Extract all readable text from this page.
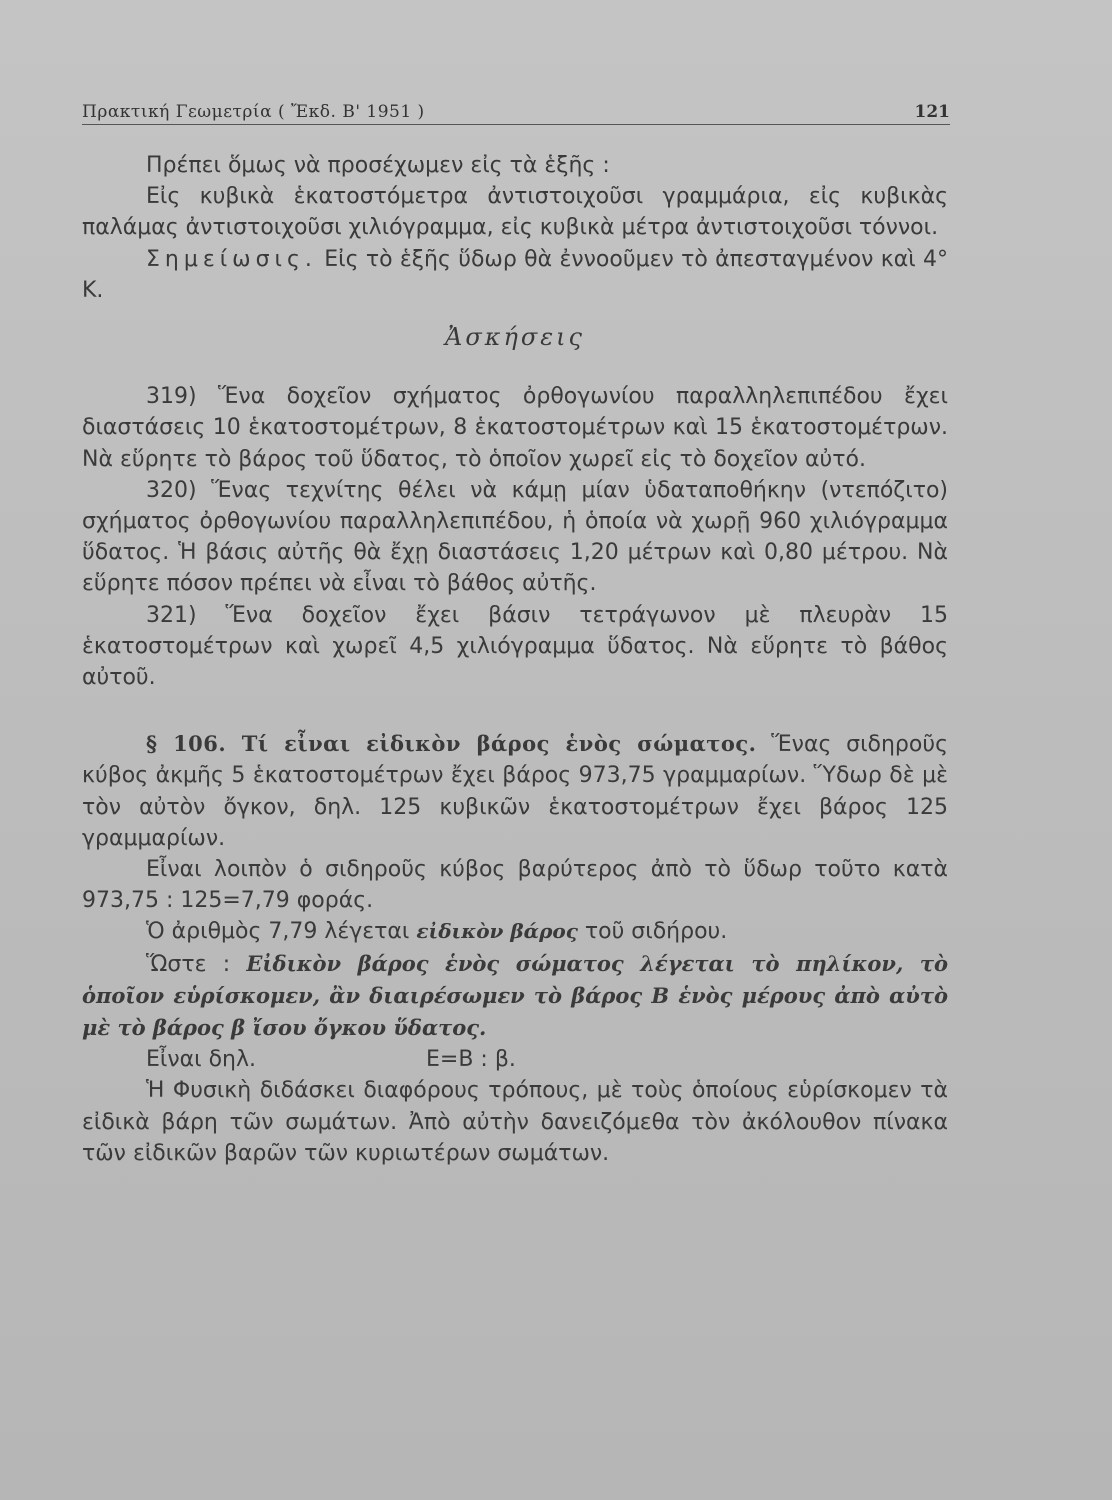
Πρακτική Γεωμετρία ( Ἔκδ. Β' 1951 )	121

Πρέπει ὅμως νὰ προσέχωμεν εἰς τὰ ἑξῆς :

Εἰς κυβικὰ ἑκατοστόμετρα ἀντιστοιχοῦσι γραμμάρια, εἰς κυβικὰς παλάμας ἀντιστοιχοῦσι χιλιόγραμμα, εἰς κυβικὰ μέτρα ἀντιστοιχοῦσι τόννοι.

Σημείωσις. Εἰς τὸ ἑξῆς ὕδωρ θὰ ἐννοοῦμεν τὸ ἀπεσταγμένον καὶ 4° Κ.

Ἀσκήσεις

319) Ἕνα δοχεῖον σχήματος ὀρθογωνίου παραλληλεπιπέδου ἔχει διαστάσεις 10 ἑκατοστομέτρων, 8 ἑκατοστομέτρων καὶ 15 ἑκατοστομέτρων. Νὰ εὕρητε τὸ βάρος τοῦ ὕδατος, τὸ ὁποῖον χωρεῖ εἰς τὸ δοχεῖον αὐτό.

320) Ἕνας τεχνίτης θέλει νὰ κάμῃ μίαν ὑδαταποθήκην (ντεπόζιτο) σχήματος ὀρθογωνίου παραλληλεπιπέδου, ἡ ὁποία νὰ χωρῇ 960 χιλιόγραμμα ὕδατος. Ἡ βάσις αὐτῆς θὰ ἔχῃ διαστάσεις 1,20 μέτρων καὶ 0,80 μέτρου. Νὰ εὕρητε πόσον πρέπει νὰ εἶναι τὸ βάθος αὐτῆς.

321) Ἕνα δοχεῖον ἔχει βάσιν τετράγωνον μὲ πλευρὰν 15 ἑκατοστομέτρων καὶ χωρεῖ 4,5 χιλιόγραμμα ὕδατος. Νὰ εὕρητε τὸ βάθος αὐτοῦ.

§ 106. Τί εἶναι εἰδικὸν βάρος ἑνὸς σώματος. Ἕνας σιδηροῦς κύβος ἀκμῆς 5 ἑκατοστομέτρων ἔχει βάρος 973,75 γραμμαρίων. Ὕδωρ δὲ μὲ τὸν αὐτὸν ὄγκον, δηλ. 125 κυβικῶν ἑκατοστομέτρων ἔχει βάρος 125 γραμμαρίων.

Εἶναι λοιπὸν ὁ σιδηροῦς κύβος βαρύτερος ἀπὸ τὸ ὕδωρ τοῦτο κατὰ 973,75 : 125=7,79 φοράς.

Ὁ ἀριθμὸς 7,79 λέγεται εἰδικὸν βάρος τοῦ σιδήρου.

Ὥστε : Εἰδικὸν βάρος ἑνὸς σώματος λέγεται τὸ πηλίκον, τὸ ὁποῖον εὑρίσκομεν, ἂν διαιρέσωμεν τὸ βάρος Β ἑνὸς μέρους ἀπὸ αὐτὸ μὲ τὸ βάρος β ἴσου ὄγκου ὕδατος.

Εἶναι δηλ.	Ε=Β : β.

Ἡ Φυσικὴ διδάσκει διαφόρους τρόπους, μὲ τοὺς ὁποίους εὑρίσκομεν τὰ εἰδικὰ βάρη τῶν σωμάτων. Ἀπὸ αὐτὴν δανειζόμεθα τὸν ἀκόλουθον πίνακα τῶν εἰδικῶν βαρῶν τῶν κυριωτέρων σωμάτων.
